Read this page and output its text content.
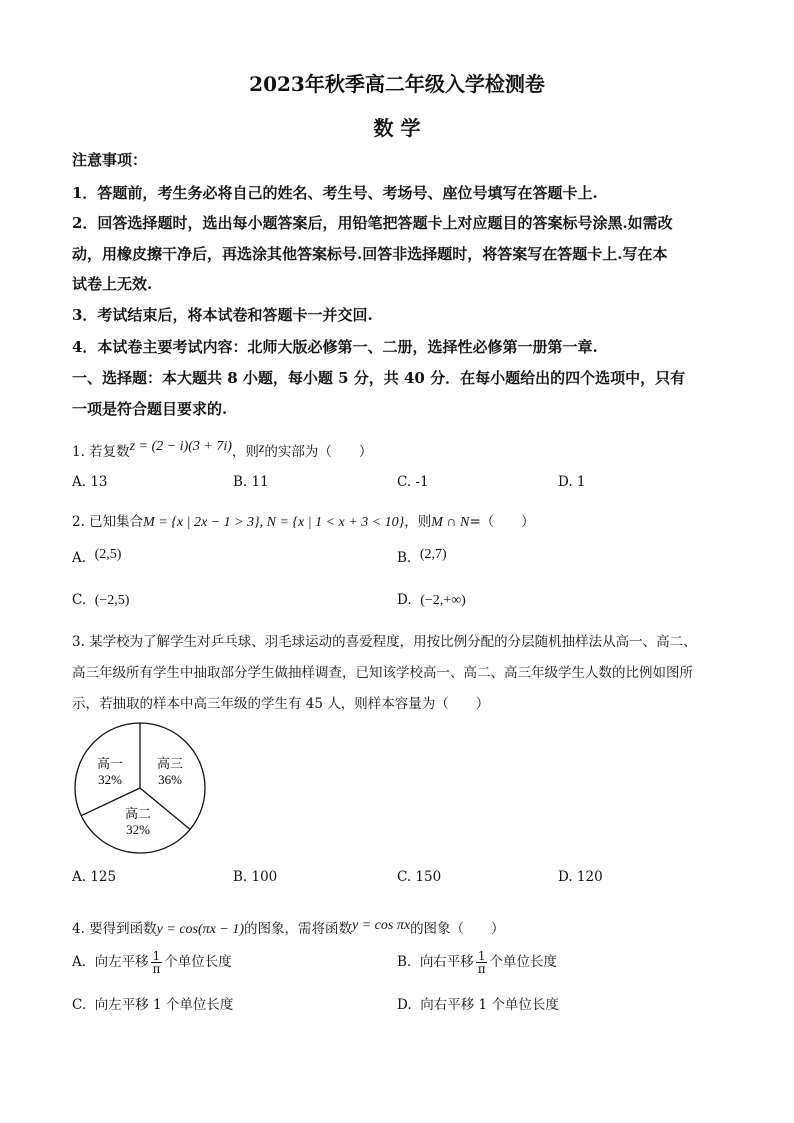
2023年秋季高二年级入学检测卷
数 学
注意事项：
1．答题前，考生务必将自己的姓名、考生号、考场号、座位号填写在答题卡上.
2．回答选择题时，选出每小题答案后，用铅笔把答题卡上对应题目的答案标号涂黑.如需改
动，用橡皮擦干净后，再选涂其他答案标号.回答非选择题时，将答案写在答题卡上.写在本
试卷上无效.
3．考试结束后，将本试卷和答题卡一并交回.
4．本试卷主要考试内容：北师大版必修第一、二册，选择性必修第一册第一章.
一、选择题：本大题共 8 小题，每小题 5 分，共 40 分．在每小题给出的四个选项中，只有
一项是符合题目要求的.
1. 若复数z = (2 − i)(3 + 7i)，则z的实部为（　　）
A. 13	B. 11	C. -1	D. 1
2. 已知集合M = {x | 2x − 1 > 3}, N = {x | 1 < x + 3 < 10}，则M ∩ N=（　　）
A. (2,5)	B. (2,7)
C. (−2,5)	D. (−2,+∞)
3. 某学校为了解学生对乒乓球、羽毛球运动的喜爱程度，用按比例分配的分层随机抽样法从高一、高二、
高三年级所有学生中抽取部分学生做抽样调查，已知该学校高一、高二、高三年级学生人数的比例如图所
示，若抽取的样本中高三年级的学生有 45 人，则样本容量为（　　）
高一
32%
高三
36%
高二
32%
A. 125	B. 100	C. 150	D. 120
4. 要得到函数y = cos(πx − 1)的图象，需将函数y = cos πx的图象（　　）
A. 向左平移 $\frac{1}{\pi}$ 个单位长度	B. 向右平移 $\frac{1}{\pi}$ 个单位长度
C. 向左平移 1 个单位长度	D. 向右平移 1 个单位长度
